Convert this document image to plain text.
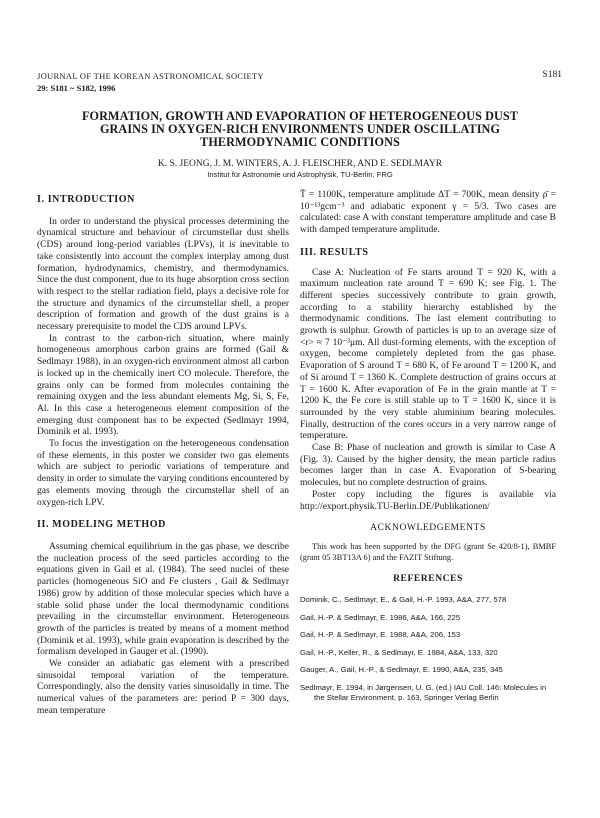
JOURNAL OF THE KOREAN ASTRONOMICAL SOCIETY
29: S181 ~ S182, 1996
S181
FORMATION, GROWTH AND EVAPORATION OF HETEROGENEOUS DUST
GRAINS IN OXYGEN-RICH ENVIRONMENTS UNDER OSCILLATING
THERMODYNAMIC CONDITIONS
K. S. JEONG, J. M. WINTERS, A. J. FLEISCHER, AND E. SEDLMAYR
Institut für Astronomie und Astrophysik, TU-Berlin, FRG
I. INTRODUCTION

In order to understand the physical processes determining the dynamical structure and behaviour of circumstellar dust shells (CDS) around long-period variables (LPVs), it is inevitable to take consistently into account the complex interplay among dust formation, hydrodynamics, chemistry, and thermodynamics. Since the dust component, due to its huge absorption cross section with respect to the stellar radiation field, plays a decisive role for the structure and dynamics of the circumstellar shell, a proper description of formation and growth of the dust grains is a necessary prerequisite to model the CDS around LPVs.

In contrast to the carbon-rich situation, where mainly homogeneous amorphous carbon grains are formed (Gail & Sedlmayr 1988), in an oxygen-rich environment almost all carbon is locked up in the chemically inert CO molecule. Therefore, the grains only can be formed from molecules containing the remaining oxygen and the less abundant elements Mg, Si, S, Fe, Al. In this case a heterogeneous element composition of the emerging dust component has to be expected (Sedlmayr 1994, Dominik et al. 1993).

To focus the investigation on the heterogeneous condensation of these elements, in this poster we consider two gas elements which are subject to periodic variations of temperature and density in order to simulate the varying conditions encountered by gas elements moving through the circumstellar shell of an oxygen-rich LPV.

II. MODELING METHOD

Assuming chemical equilibrium in the gas phase, we describe the nucleation process of the seed particles according to the equations given in Gail et al. (1984). The seed nuclei of these particles (homogeneous SiO and Fe clusters , Gail & Sedlmayr 1986) grow by addition of those molecular species which have a stable solid phase under the local thermodynamic conditions prevailing in the circumstellar environment. Heterogeneous growth of the particles is treated by means of a moment method (Dominik et al. 1993), while grain evaporation is described by the formalism developed in Gauger et al. (1990).

We consider an adiabatic gas element with a prescribed sinusoidal temporal variation of the temperature. Correspondingly, also the density varies sinusoidally in time. The numerical values of the parameters are: period P = 300 days, mean temperature

T̄ = 1100K, temperature amplitude ΔT = 700K, mean density ρ̄ = 10⁻¹³gcm⁻³ and adiabatic exponent γ = 5/3. Two cases are calculated: case A with constant temperature amplitude and case B with damped temperature amplitude.

III. RESULTS

Case A: Nucleation of Fe starts around T = 920 K, with a maximum nucleation rate around T = 690 K; see Fig. 1. The different species successively contribute to grain growth, according to a stability hierarchy established by the thermodynamic conditions. The last element contributing to growth is sulphur. Growth of particles is up to an average size of <r> ≈ 7 10⁻³μm. All dust-forming elements, with the exception of oxygen, become completely depleted from the gas phase. Evaporation of S around T = 680 K, of Fe around T = 1200 K, and of Si around T = 1360 K. Complete destruction of grains occurs at T = 1600 K. After evaporation of Fe in the grain mantle at T = 1200 K, the Fe core is still stable up to T = 1600 K, since it is surrounded by the very stable aluminium bearing molecules. Finally, destruction of the cores occurs in a very narrow range of temperature.

Case B: Phase of nucleation and growth is similar to Case A (Fig. 3). Caused by the higher density, the mean particle radius becomes larger than in case A. Evaporation of S-bearing molecules, but no complete destruction of grains.

Poster copy including the figures is available via http://export.physik.TU-Berlin.DE/Publikationen/

ACKNOWLEDGEMENTS

This work has been supported by the DFG (grant Se 420/8-1), BMBF (grant 05 3BT13A 6) and the FAZIT Stiftung.

REFERENCES
Dominik, C., Sedlmayr, E., & Gail, H.-P. 1993, A&A, 277, 578
Gail, H.-P. & Sedlmayr, E. 1986, A&A, 166, 225
Gail, H.-P. & Sedlmayr, E. 1988, A&A, 206, 153
Gail, H.-P., Keller, R., & Sedlmayr, E. 1984, A&A, 133, 320
Gauger, A., Gail, H.-P., & Sedlmayr, E. 1990, A&A, 235, 345
Sedlmayr, E. 1994, in Jørgensen, U. G. (ed.) IAU Coll. 146: Molecules in the Stellar Environment, p. 163, Springer Verlag Berlin
